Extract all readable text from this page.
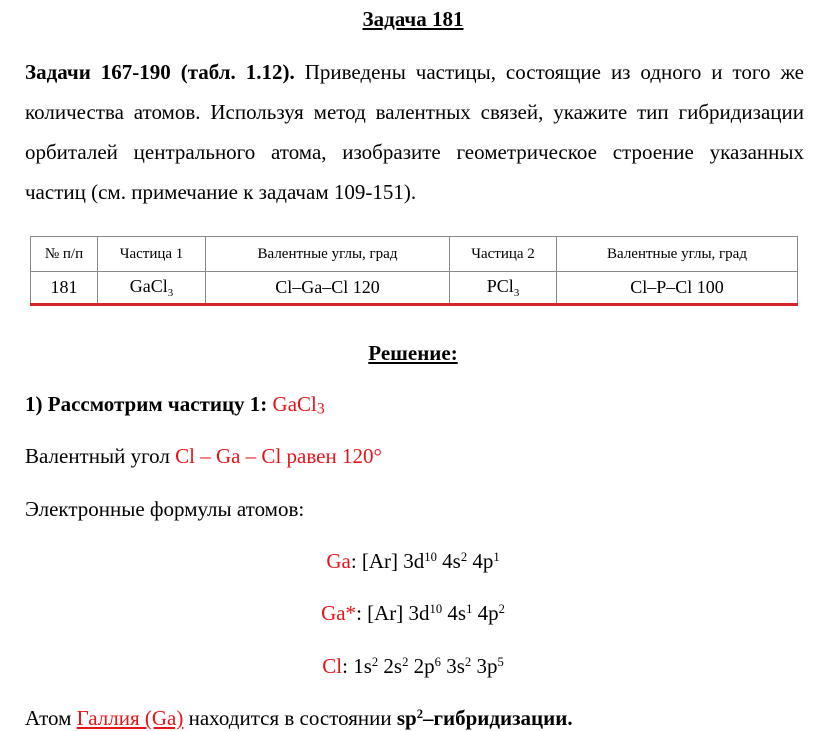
Задача 181
Задачи 167-190 (табл. 1.12). Приведены частицы, состоящие из одного и того же количества атомов. Используя метод валентных связей, укажите тип гибридизации орбиталей центрального атома, изобразите геометрическое строение указанных частиц (см. примечание к задачам 109-151).
№ п/п	Частица 1	Валентные углы, град	Частица 2	Валентные углы, град
181	GaCl$_3$	Cl–Ga–Cl 120	PCl$_3$	Cl–P–Cl 100
Решение:
1) Рассмотрим частицу 1: GaCl3
Валентный угол Cl – Ga – Cl равен 120°
Электронные формулы атомов:
Ga: [Ar] $3d^{10}$ $4s^2$ $4p^1$
Ga*: [Ar] $3d^{10}$ $4s^1$ $4p^2$
Cl: $1s^2$ $2s^2$ $2p^6$ $3s^2$ $3p^5$
Атом Галлия (Ga) находится в состоянии $sp^2$–гибридизации.
